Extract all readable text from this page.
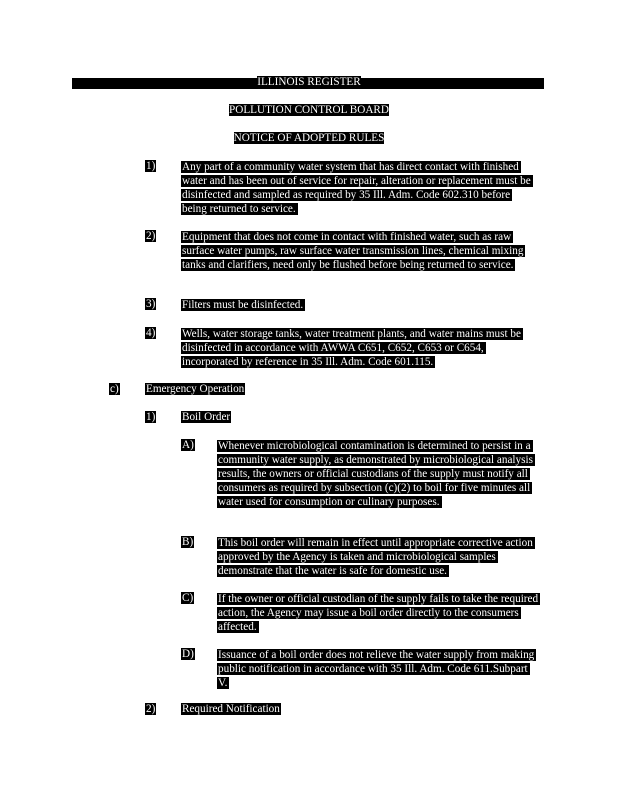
ILLINOIS REGISTER
POLLUTION CONTROL BOARD
NOTICE OF ADOPTED RULES
1) Any part of a community water system that has direct contact with finished water and has been out of service for repair, alteration or replacement must be disinfected and sampled as required by 35 Ill. Adm. Code 602.310 before being returned to service.
2) Equipment that does not come in contact with finished water, such as raw surface water pumps, raw surface water transmission lines, chemical mixing tanks and clarifiers, need only be flushed before being returned to service.
3) Filters must be disinfected.
4) Wells, water storage tanks, water treatment plants, and water mains must be disinfected in accordance with AWWA C651, C652, C653 or C654, incorporated by reference in 35 Ill. Adm. Code 601.115.
c) Emergency Operation
1) Boil Order
A) Whenever microbiological contamination is determined to persist in a community water supply, as demonstrated by microbiological analysis results, the owners or official custodians of the supply must notify all consumers as required by subsection (c)(2) to boil for five minutes all water used for consumption or culinary purposes.
B) This boil order will remain in effect until appropriate corrective action approved by the Agency is taken and microbiological samples demonstrate that the water is safe for domestic use.
C) If the owner or official custodian of the supply fails to take the required action, the Agency may issue a boil order directly to the consumers affected.
D) Issuance of a boil order does not relieve the water supply from making public notification in accordance with 35 Ill. Adm. Code 611.Subpart V.
2) Required Notification
